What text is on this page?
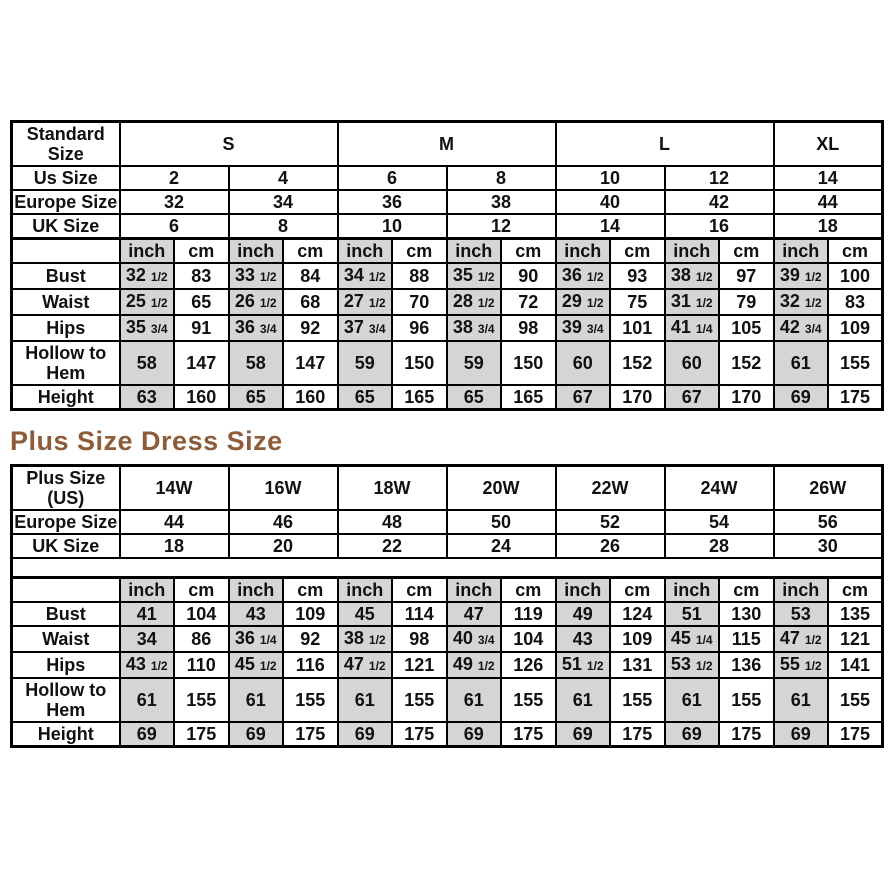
Standard Size	S				M				L				XL	
Us Size	2		4		6		8		10		12		14	
Europe Size	32		34		36		38		40		42		44	
UK Size	6		8		10		12		14		16		18	
	inch	cm	inch	cm	inch	cm	inch	cm	inch	cm	inch	cm	inch	cm
Bust	32 1/2	83	33 1/2	84	34 1/2	88	35 1/2	90	36 1/2	93	38 1/2	97	39 1/2	100
Waist	25 1/2	65	26 1/2	68	27 1/2	70	28 1/2	72	29 1/2	75	31 1/2	79	32 1/2	83
Hips	35 3/4	91	36 3/4	92	37 3/4	96	38 3/4	98	39 3/4	101	41 1/4	105	42 3/4	109
Hollow to Hem	58	147	58	147	59	150	59	150	60	152	60	152	61	155
Height	63	160	65	160	65	165	65	165	67	170	67	170	69	175
Plus Size Dress Size
Plus Size (US)	14W		16W		18W		20W		22W		24W		26W	
Europe Size	44		46		48		50		52		54		56	
UK Size	18		20		22		24		26		28		30	

	inch	cm	inch	cm	inch	cm	inch	cm	inch	cm	inch	cm	inch	cm
Bust	41	104	43	109	45	114	47	119	49	124	51	130	53	135
Waist	34	86	36 1/4	92	38 1/2	98	40 3/4	104	43	109	45 1/4	115	47 1/2	121
Hips	43 1/2	110	45 1/2	116	47 1/2	121	49 1/2	126	51 1/2	131	53 1/2	136	55 1/2	141
Hollow to Hem	61	155	61	155	61	155	61	155	61	155	61	155	61	155
Height	69	175	69	175	69	175	69	175	69	175	69	175	69	175
